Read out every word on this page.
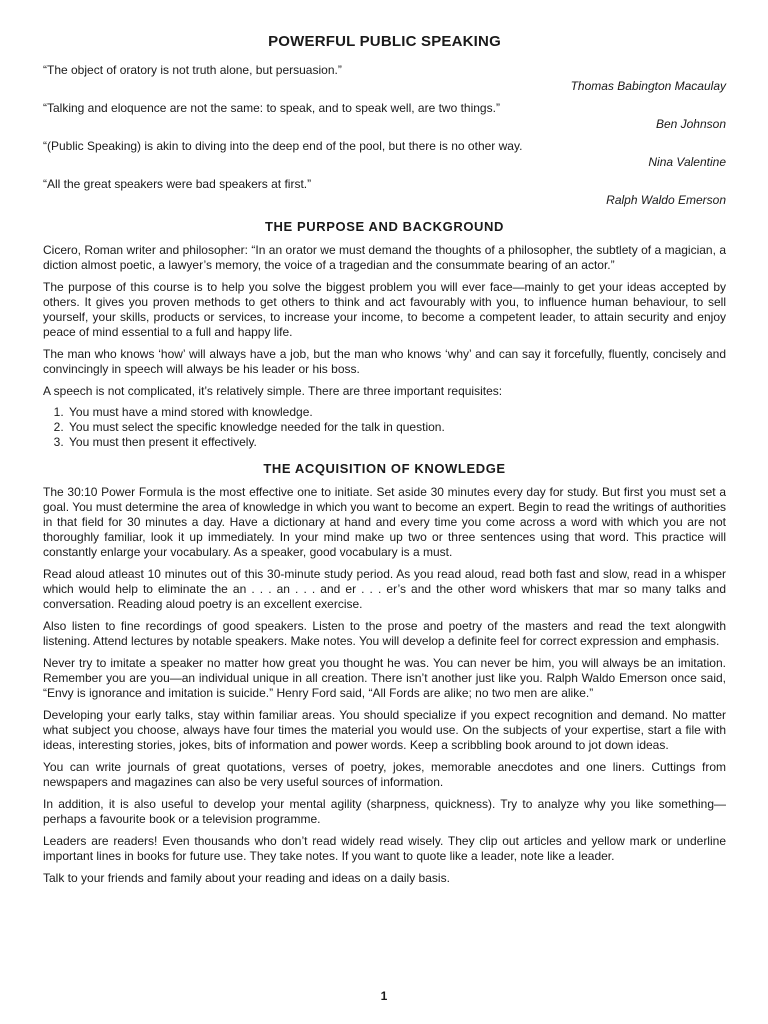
POWERFUL PUBLIC SPEAKING
“The object of oratory is not truth alone, but persuasion.”
Thomas Babington Macaulay
“Talking and eloquence are not the same: to speak, and to speak well, are two things.”
Ben Johnson
“(Public Speaking) is akin to diving into the deep end of the pool, but there is no other way.
Nina Valentine
“All the great speakers were bad speakers at first.”
Ralph Waldo Emerson
THE PURPOSE AND BACKGROUND

Cicero, Roman writer and philosopher: “In an orator we must demand the thoughts of a philosopher, the subtlety of a magician, a diction almost poetic, a lawyer’s memory, the voice of a tragedian and the consummate bearing of an actor.”

The purpose of this course is to help you solve the biggest problem you will ever face—mainly to get your ideas accepted by others. It gives you proven methods to get others to think and act favourably with you, to influence human behaviour, to sell yourself, your skills, products or services, to increase your income, to become a competent leader, to attain security and enjoy peace of mind essential to a full and happy life.

The man who knows ‘how’ will always have a job, but the man who knows ‘why’ and can say it forcefully, fluently, concisely and convincingly in speech will always be his leader or his boss.

A speech is not complicated, it’s relatively simple. There are three important requisites:

1. You must have a mind stored with knowledge.
2. You must select the specific knowledge needed for the talk in question.
3. You must then present it effectively.
THE ACQUISITION OF KNOWLEDGE

The 30:10 Power Formula is the most effective one to initiate. Set aside 30 minutes every day for study. But first you must set a goal. You must determine the area of knowledge in which you want to become an expert. Begin to read the writings of authorities in that field for 30 minutes a day. Have a dictionary at hand and every time you come across a word with which you are not thoroughly familiar, look it up immediately. In your mind make up two or three sentences using that word. This practice will constantly enlarge your vocabulary. As a speaker, good vocabulary is a must.

Read aloud atleast 10 minutes out of this 30-minute study period. As you read aloud, read both fast and slow, read in a whisper which would help to eliminate the an . . . an . . . and er . . . er’s and the other word whiskers that mar so many talks and conversation. Reading aloud poetry is an excellent exercise.

Also listen to fine recordings of good speakers. Listen to the prose and poetry of the masters and read the text alongwith listening. Attend lectures by notable speakers. Make notes. You will develop a definite feel for correct expression and emphasis.

Never try to imitate a speaker no matter how great you thought he was. You can never be him, you will always be an imitation. Remember you are you—an individual unique in all creation. There isn’t another just like you. Ralph Waldo Emerson once said, “Envy is ignorance and imitation is suicide.” Henry Ford said, “All Fords are alike; no two men are alike.”

Developing your early talks, stay within familiar areas. You should specialize if you expect recognition and demand. No matter what subject you choose, always have four times the material you would use. On the subjects of your expertise, start a file with ideas, interesting stories, jokes, bits of information and power words. Keep a scribbling book around to jot down ideas.

You can write journals of great quotations, verses of poetry, jokes, memorable anecdotes and one liners. Cuttings from newspapers and magazines can also be very useful sources of information.

In addition, it is also useful to develop your mental agility (sharpness, quickness). Try to analyze why you like something—perhaps a favourite book or a television programme.

Leaders are readers! Even thousands who don’t read widely read wisely. They clip out articles and yellow mark or underline important lines in books for future use. They take notes. If you want to quote like a leader, note like a leader.

Talk to your friends and family about your reading and ideas on a daily basis.

1
